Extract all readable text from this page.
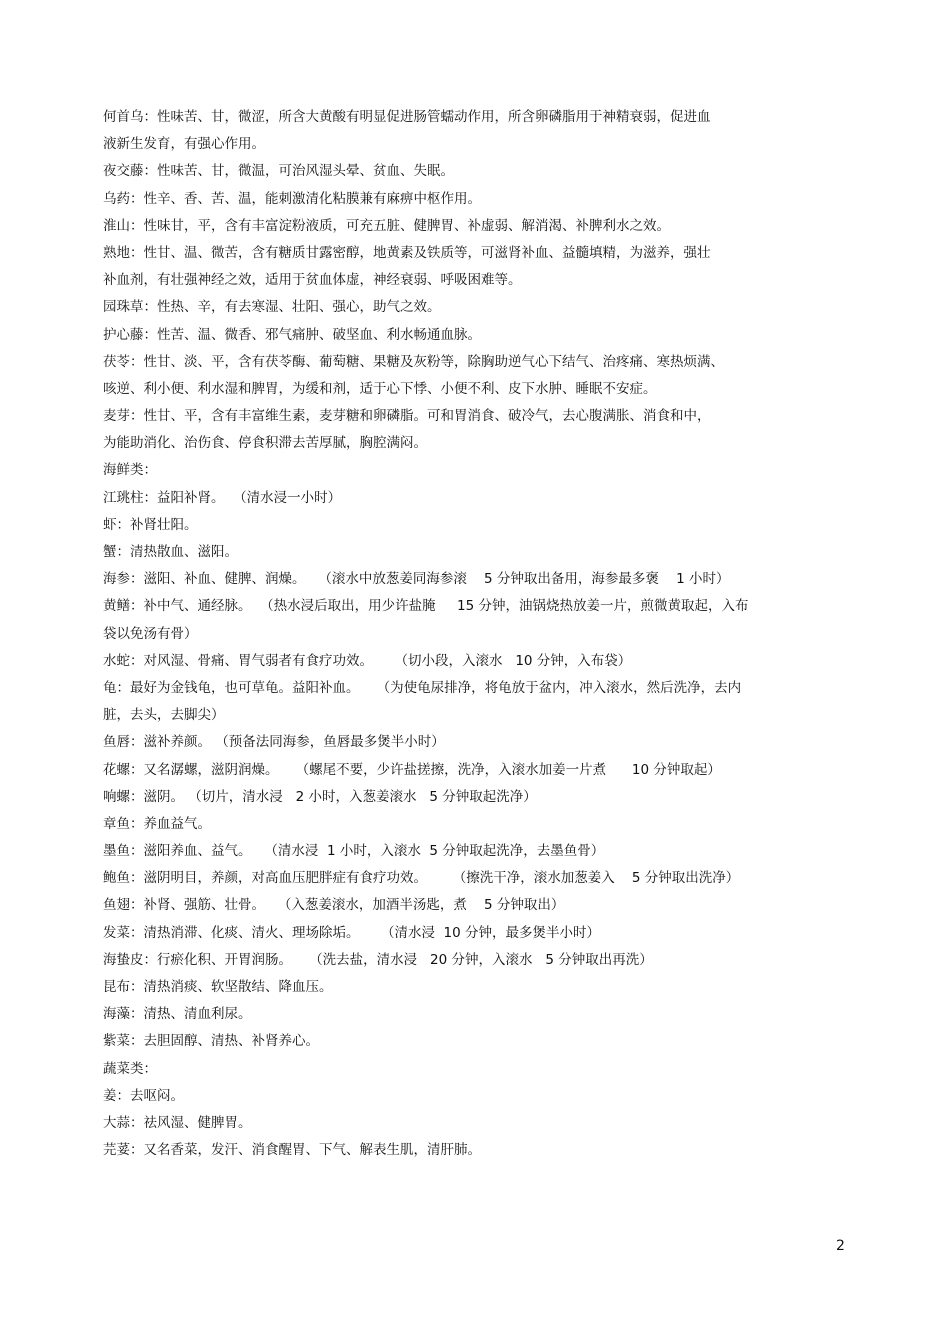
何首乌：性味苦、甘，微涩，所含大黄酸有明显促进肠管蠕动作用，所含卵磷脂用于神精衰弱，促进血
液新生发育，有强心作用。
夜交藤：性味苦、甘，微温，可治风湿头晕、贫血、失眠。
乌药：性辛、香、苦、温，能刺激清化粘膜兼有麻痹中枢作用。
淮山：性味甘，平，含有丰富淀粉液质，可充五脏、健脾胃、补虚弱、解消渴、补脾利水之效。
熟地：性甘、温、微苦，含有糖质甘露密醇，地黄素及铁质等，可滋肾补血、益髓填精，为滋养，强壮
补血剂，有壮强神经之效，适用于贫血体虚，神经衰弱、呼吸困难等。
园珠草：性热、辛，有去寒湿、壮阳、强心，助气之效。
护心藤：性苦、温、微香、邪气痛肿、破坚血、利水畅通血脉。
茯苓：性甘、淡、平，含有茯苓酶、葡萄糖、果糖及灰粉等，除胸助逆气心下结气、治疼痛、寒热烦满、
咳逆、利小便、利水湿和脾胃，为缓和剂，适于心下悸、小便不利、皮下水肿、睡眠不安症。
麦芽：性甘、平，含有丰富维生素，麦芽糖和卵磷脂。可和胃消食、破冷气，去心腹满胀、消食和中，
为能助消化、治伤食、停食积滞去苦厚腻，胸腔满闷。
海鲜类：
江珧柱：益阳补肾。  （清水浸一小时）
虾：补肾壮阳。
蟹：清热散血、滋阳。
海参：滋阳、补血、健脾、润燥。   （滚水中放葱姜同海参滚    5 分钟取出备用，海参最多褒    1 小时）
黄鳝：补中气、通经脉。  （热水浸后取出，用少许盐腌     15 分钟，油锅烧热放姜一片，煎微黄取起，入布
袋以免汤有骨）
水蛇：对风湿、骨痛、胃气弱者有食疗功效。     （切小段，入滚水   10 分钟，入布袋）
龟：最好为金钱龟，也可草龟。益阳补血。    （为使龟尿排净，将龟放于盆内，冲入滚水，然后洗净，去内
脏，去头，去脚尖）
鱼唇：滋补养颜。 （预备法同海参，鱼唇最多煲半小时）
花螺：又名潺螺，滋阴润燥。    （螺尾不要，少许盐搓擦，洗净，入滚水加姜一片煮      10 分钟取起）
响螺：滋阴。 （切片，清水浸   2 小时，入葱姜滚水   5 分钟取起洗净）
章鱼：养血益气。
墨鱼：滋阳养血、益气。   （清水浸  1 小时，入滚水  5 分钟取起洗净，去墨鱼骨）
鲍鱼：滋阴明目，养颜，对高血压肥胖症有食疗功效。      （擦洗干净，滚水加葱姜入    5 分钟取出洗净）
鱼翅：补肾、强筋、壮骨。   （入葱姜滚水，加酒半汤匙，煮    5 分钟取出）
发菜：清热消滞、化痰、清火、理场除垢。     （清水浸  10 分钟，最多煲半小时）
海蛰皮：行瘀化积、开胃润肠。    （洗去盐，清水浸   20 分钟，入滚水   5 分钟取出再洗）
昆布：清热消痰、软坚散结、降血压。
海藻：清热、清血利尿。
紫菜：去胆固醇、清热、补肾养心。
蔬菜类：
姜：去呕闷。
大蒜：祛风湿、健脾胃。
芫荽：又名香菜，发汗、消食醒胃、下气、解表生肌，清肝肺。
2
